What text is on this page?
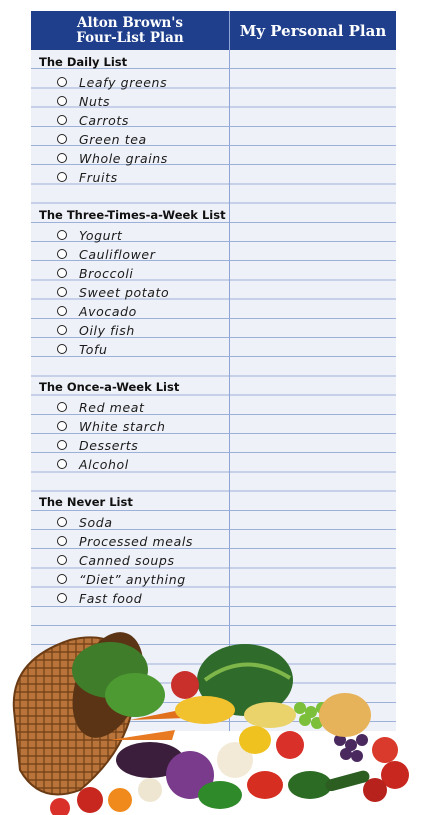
Alton Brown's
Four-List Plan	My Personal Plan
The Daily List
Leafy greens
Nuts
Carrots
Green tea
Whole grains
Fruits
The Three-Times-a-Week List
Yogurt
Cauliflower
Broccoli
Sweet potato
Avocado
Oily fish
Tofu
The Once-a-Week List
Red meat
White starch
Desserts
Alcohol
The Never List
Soda
Processed meals
Canned soups
“Diet” anything
Fast food
